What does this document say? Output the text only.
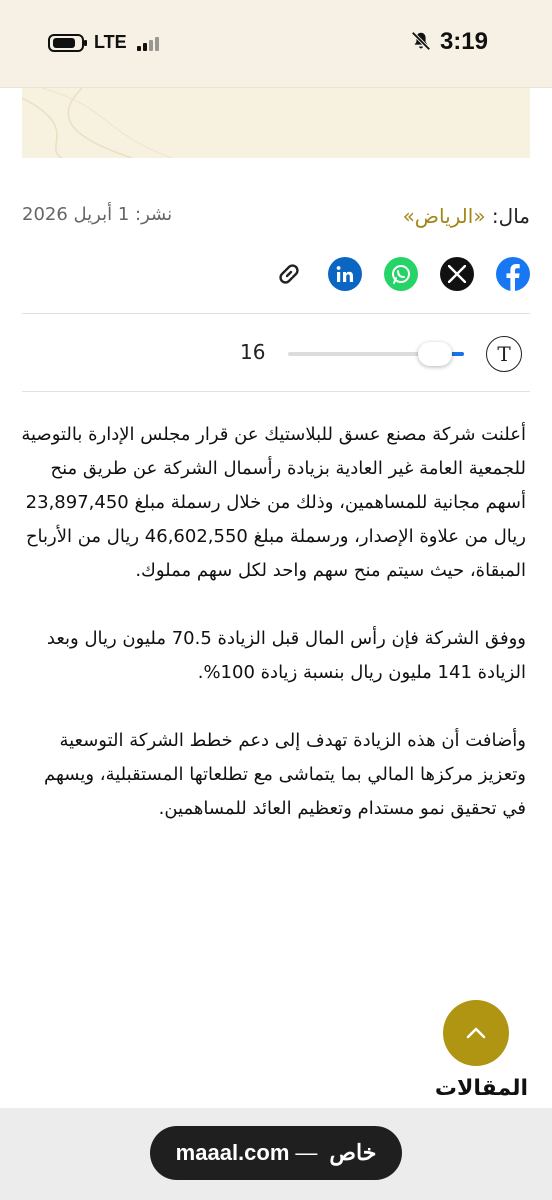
LTE	3:19
مال: «الرياض»
نشر: 1 أبريل 2026
T
16

أعلنت شركة مصنع عسق للبلاستيك عن قرار مجلس الإدارة بالتوصية للجمعية العامة غير العادية بزيادة رأسمال الشركة عن طريق منح أسهم مجانية للمساهمين، وذلك من خلال رسملة مبلغ 23,897,450 ريال من علاوة الإصدار، ورسملة مبلغ 46,602,550 ريال من الأرباح المبقاة، حيث سيتم منح سهم واحد لكل سهم مملوك.

ووفق الشركة فإن رأس المال قبل الزيادة 70.5 مليون ريال وبعد الزيادة 141 مليون ريال بنسبة زيادة 100%.

وأضافت أن هذه الزيادة تهدف إلى دعم خطط الشركة التوسعية وتعزيز مركزها المالي بما يتماشى مع تطلعاتها المستقبلية، ويسهم في تحقيق نمو مستدام وتعظيم العائد للمساهمين.

المقالات
maaal.com — خاص
